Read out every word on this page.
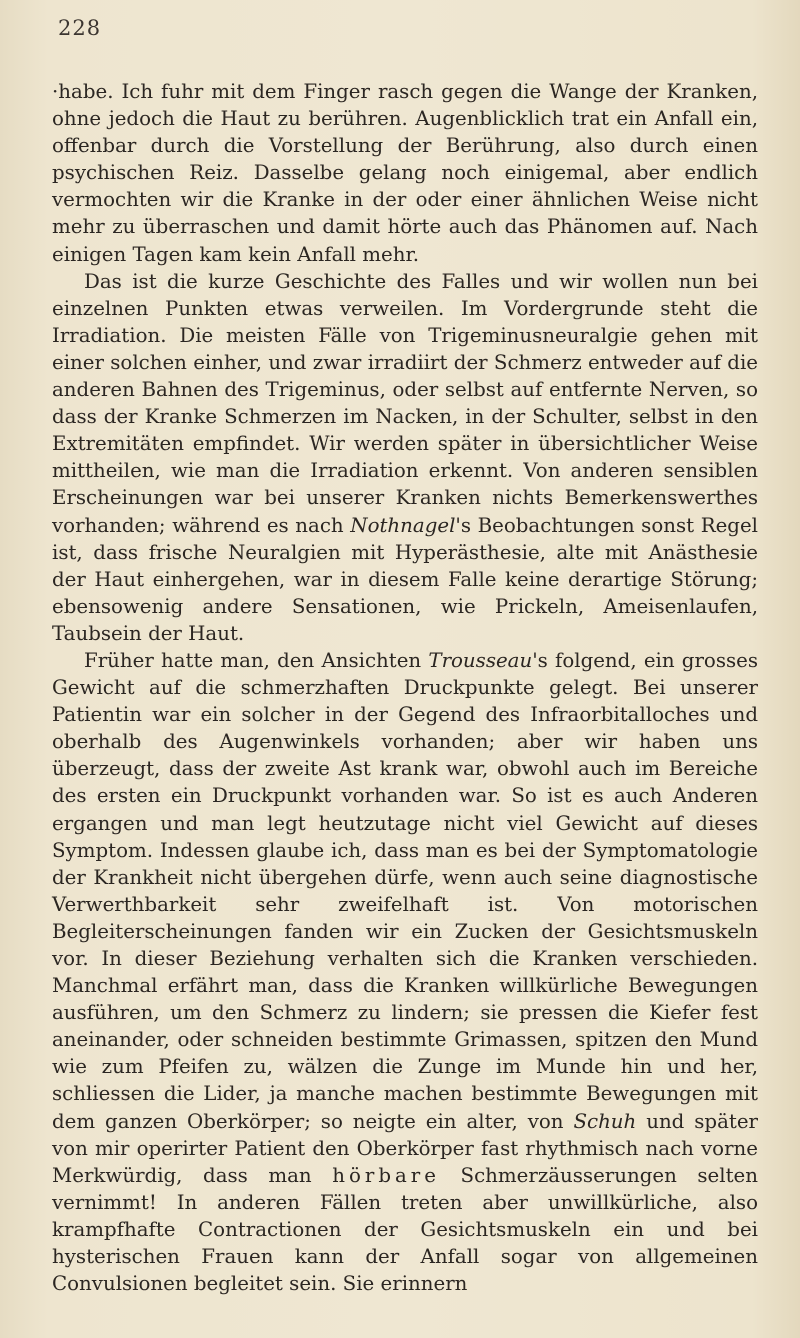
228

·habe. Ich fuhr mit dem Finger rasch gegen die Wange der Kranken, ohne jedoch die Haut zu berühren. Augenblicklich trat ein Anfall ein, offenbar durch die Vorstellung der Berührung, also durch einen psychischen Reiz. Dasselbe gelang noch einigemal, aber endlich vermochten wir die Kranke in der oder einer ähnlichen Weise nicht mehr zu überraschen und damit hörte auch das Phänomen auf. Nach einigen Tagen kam kein Anfall mehr.

Das ist die kurze Geschichte des Falles und wir wollen nun bei einzelnen Punkten etwas verweilen. Im Vordergrunde steht die Irradiation. Die meisten Fälle von Trigeminusneuralgie gehen mit einer solchen einher, und zwar irradiirt der Schmerz entweder auf die anderen Bahnen des Trigeminus, oder selbst auf entfernte Nerven, so dass der Kranke Schmerzen im Nacken, in der Schulter, selbst in den Extremitäten empfindet. Wir werden später in übersichtlicher Weise mittheilen, wie man die Irradiation erkennt. Von anderen sensiblen Erscheinungen war bei unserer Kranken nichts Bemerkenswerthes vorhanden; während es nach Nothnagel's Beobachtungen sonst Regel ist, dass frische Neuralgien mit Hyperästhesie, alte mit Anästhesie der Haut einhergehen, war in diesem Falle keine derartige Störung; ebensowenig andere Sensationen, wie Prickeln, Ameisenlaufen, Taubsein der Haut.

Früher hatte man, den Ansichten Trousseau's folgend, ein grosses Gewicht auf die schmerzhaften Druckpunkte gelegt. Bei unserer Patientin war ein solcher in der Gegend des Infraorbitalloches und oberhalb des Augenwinkels vorhanden; aber wir haben uns überzeugt, dass der zweite Ast krank war, obwohl auch im Bereiche des ersten ein Druckpunkt vorhanden war. So ist es auch Anderen ergangen und man legt heutzutage nicht viel Gewicht auf dieses Symptom. Indessen glaube ich, dass man es bei der Symptomatologie der Krankheit nicht übergehen dürfe, wenn auch seine diagnostische Verwerthbarkeit sehr zweifelhaft ist. Von motorischen Begleiterscheinungen fanden wir ein Zucken der Gesichtsmuskeln vor. In dieser Beziehung verhalten sich die Kranken verschieden. Manchmal erfährt man, dass die Kranken willkürliche Bewegungen ausführen, um den Schmerz zu lindern; sie pressen die Kiefer fest aneinander, oder schneiden bestimmte Grimassen, spitzen den Mund wie zum Pfeifen zu, wälzen die Zunge im Munde hin und her, schliessen die Lider, ja manche machen bestimmte Bewegungen mit dem ganzen Oberkörper; so neigte ein alter, von Schuh und später von mir operirter Patient den Oberkörper fast rhythmisch nach vorne Merkwürdig, dass man hörbare Schmerzäusserungen selten vernimmt! In anderen Fällen treten aber unwillkürliche, also krampfhafte Contractionen der Gesichtsmuskeln ein und bei hysterischen Frauen kann der Anfall sogar von allgemeinen Convulsionen begleitet sein. Sie erinnern
